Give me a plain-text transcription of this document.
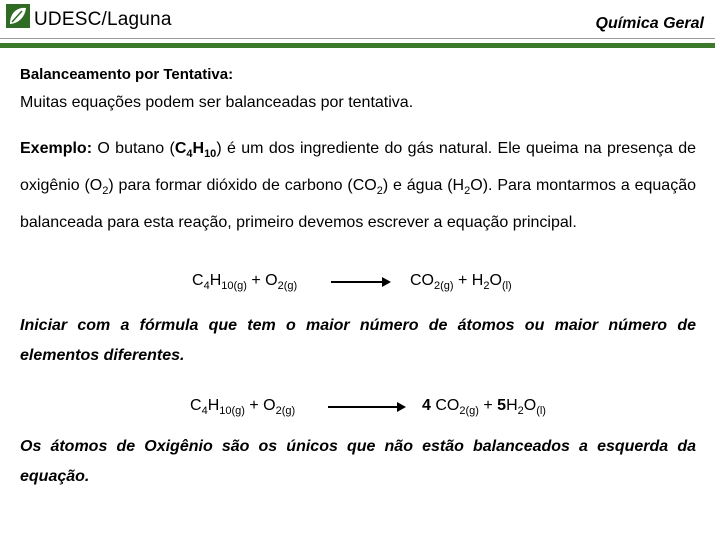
UDESC/Laguna	Química Geral
Balanceamento por Tentativa:
Muitas equações podem ser balanceadas por tentativa.
Exemplo: O butano $(C_4H_{10})$ é um dos ingrediente do gás natural. Ele queima na presença de oxigênio $(O_2)$ para formar dióxido de carbono $(CO_2)$ e água $(H_2O)$. Para montarmos a equação balanceada para esta reação, primeiro devemos escrever a equação principal.
$C_4H_{10(g)} + O_{2(g)} \to CO_{2(g)} + H_2O_{(l)}$
Iniciar com a fórmula que tem o maior número de átomos ou maior número de elementos diferentes.
$C_4H_{10(g)} + O_{2(g)}$	4 $CO_{2(g)} + 5H_2O_{(l)}$
Os átomos de Oxigênio são os únicos que não estão balanceados a esquerda da equação.
